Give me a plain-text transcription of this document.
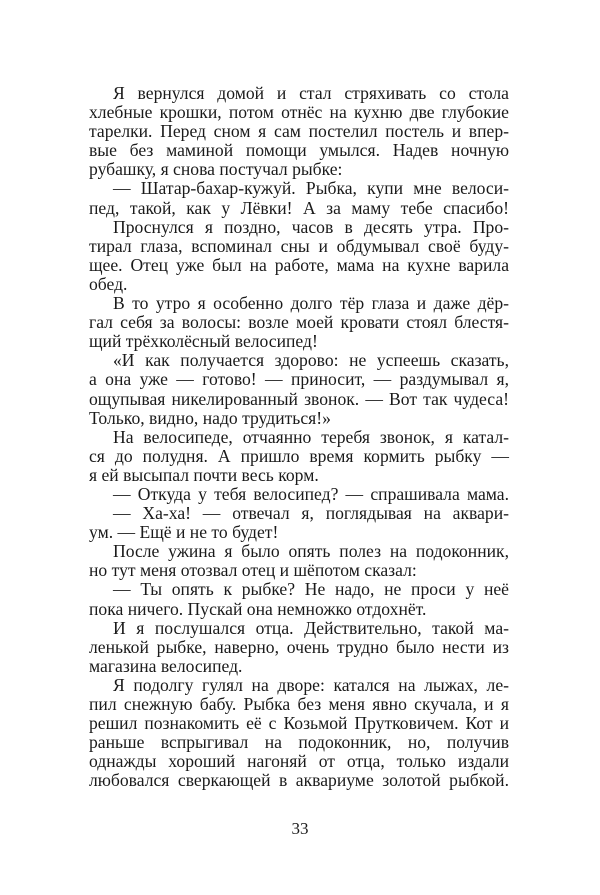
Я вернулся домой и стал стряхивать со стола
хлебные крошки, потом отнёс на кухню две глубокие
тарелки. Перед сном я сам постелил постель и впер-
вые без маминой помощи умылся. Надев ночную
рубашку, я снова постучал рыбке:
— Шатар-бахар-кужуй. Рыбка, купи мне велоси-
пед, такой, как у Лёвки! А за маму тебе спасибо!
Проснулся я поздно, часов в десять утра. Про-
тирал глаза, вспоминал сны и обдумывал своё буду-
щее. Отец уже был на работе, мама на кухне варила
обед.
В то утро я особенно долго тёр глаза и даже дёр-
гал себя за волосы: возле моей кровати стоял блестя-
щий трёхколёсный велосипед!
«И как получается здорово: не успеешь сказать,
а она уже — готово! — приносит, — раздумывал я,
ощупывая никелированный звонок. — Вот так чудеса!
Только, видно, надо трудиться!»
На велосипеде, отчаянно теребя звонок, я катал-
ся до полудня. А пришло время кормить рыбку —
я ей высыпал почти весь корм.
— Откуда у тебя велосипед? — спрашивала мама.
— Ха-ха! — отвечал я, поглядывая на аквари-
ум. — Ещё и не то будет!
После ужина я было опять полез на подоконник,
но тут меня отозвал отец и шёпотом сказал:
— Ты опять к рыбке? Не надо, не проси у неё
пока ничего. Пускай она немножко отдохнёт.
И я послушался отца. Действительно, такой ма-
ленькой рыбке, наверно, очень трудно было нести из
магазина велосипед.
Я подолгу гулял на дворе: катался на лыжах, ле-
пил снежную бабу. Рыбка без меня явно скучала, и я
решил познакомить её с Козьмой Прутковичем. Кот и
раньше вспрыгивал на подоконник, но, получив
однажды хороший нагоняй от отца, только издали
любовался сверкающей в аквариуме золотой рыбкой.
33
